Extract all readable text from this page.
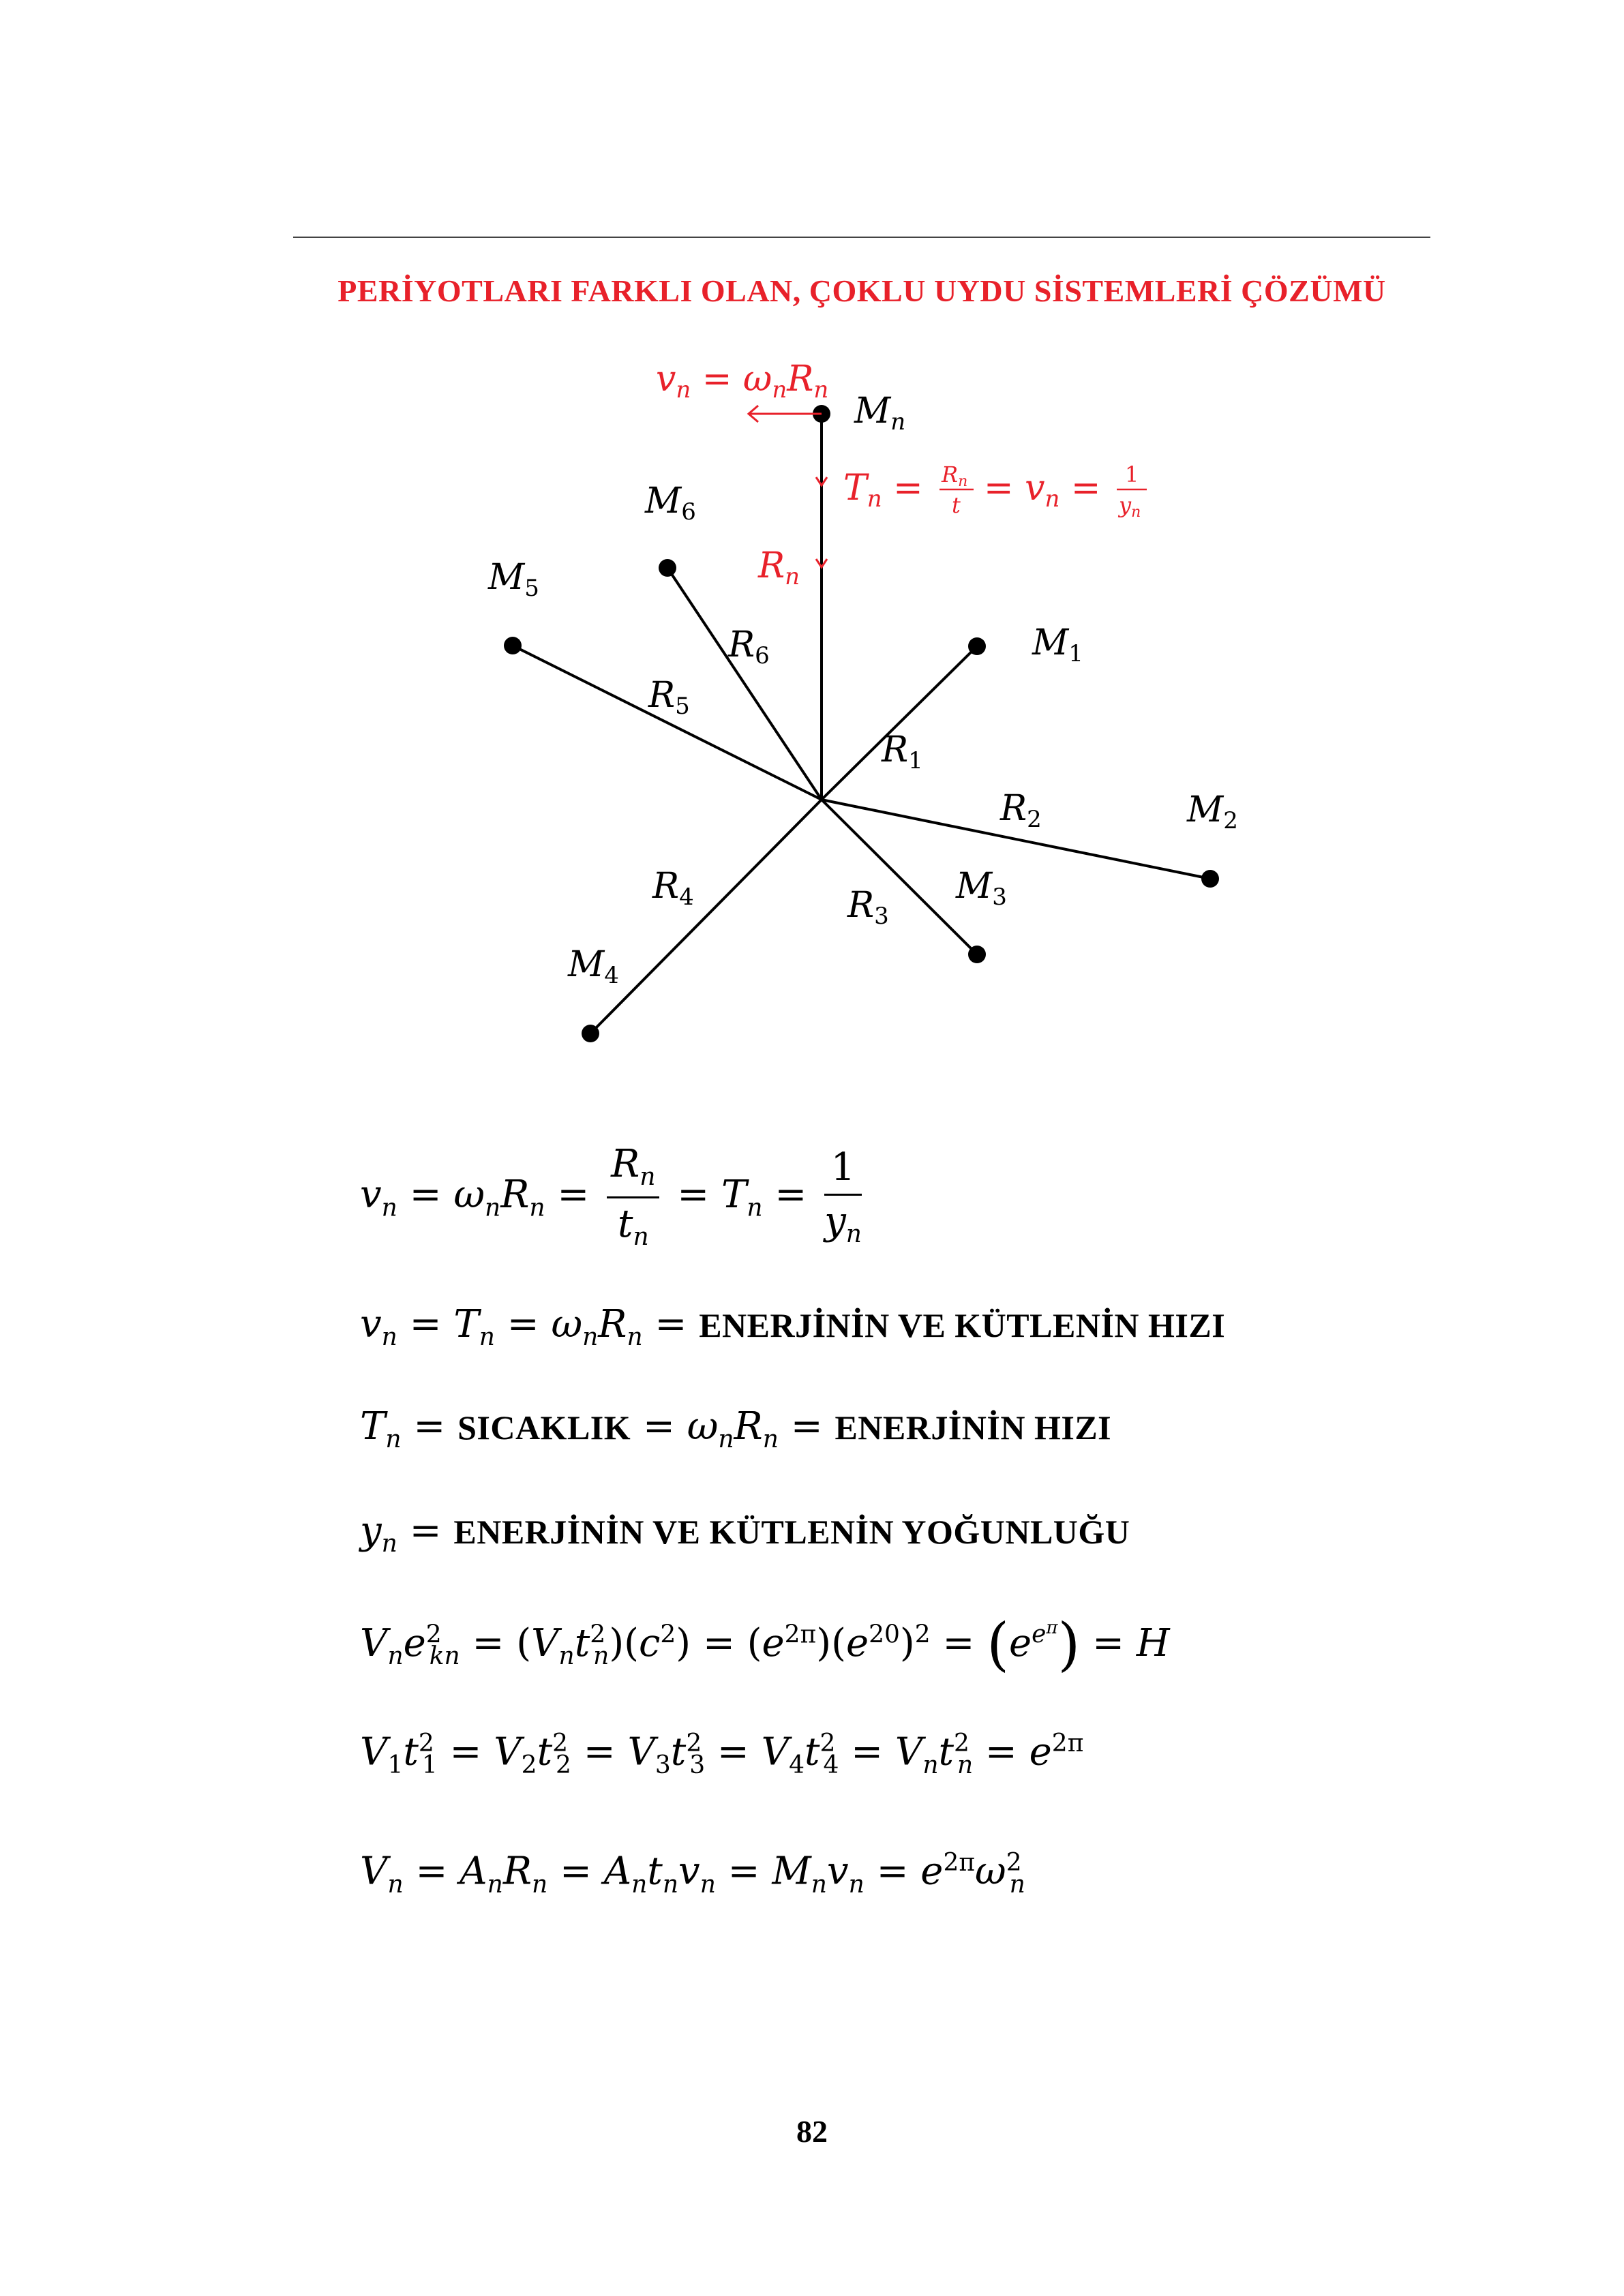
PERİYOTLARI FARKLI OLAN, ÇOKLU UYDU SİSTEMLERİ ÇÖZÜMÜ
vn = ωnRn
Tn = Rn
t = vn = 1
yn
Rn
Mn
M6
M5
M1
M2
M3
M4
R6
R5
R1
R2
R4	R3
$v_n = \omega_nR_n = \frac{R_n}{t_n} = T_n = \frac{1}{y_n}$
$v_n = T_n = \omega_nR_n$ = ENERJİNİN VE KÜTLENİN HIZI
$T_n$ = SICAKLIK = $\omega_nR_n$ = ENERJİNİN HIZI
$y_n$ = ENERJİNİN VE KÜTLENİN YOĞUNLUĞU
$V_ne^2_{kn} = (V_nt^2_n)(c^2) = (e^{2\pi})(e^{20})^2 = (e^{e^\pi}) = H$
$V_1t^2_1 = V_2t^2_2 = V_3t^2_3 = V_4t^2_4 = V_nt^2_n = e^{2\pi}$
$V_n = A_nR_n = A_nt_nv_n = M_nv_n = e^{2\pi}\omega^2_n$
82
